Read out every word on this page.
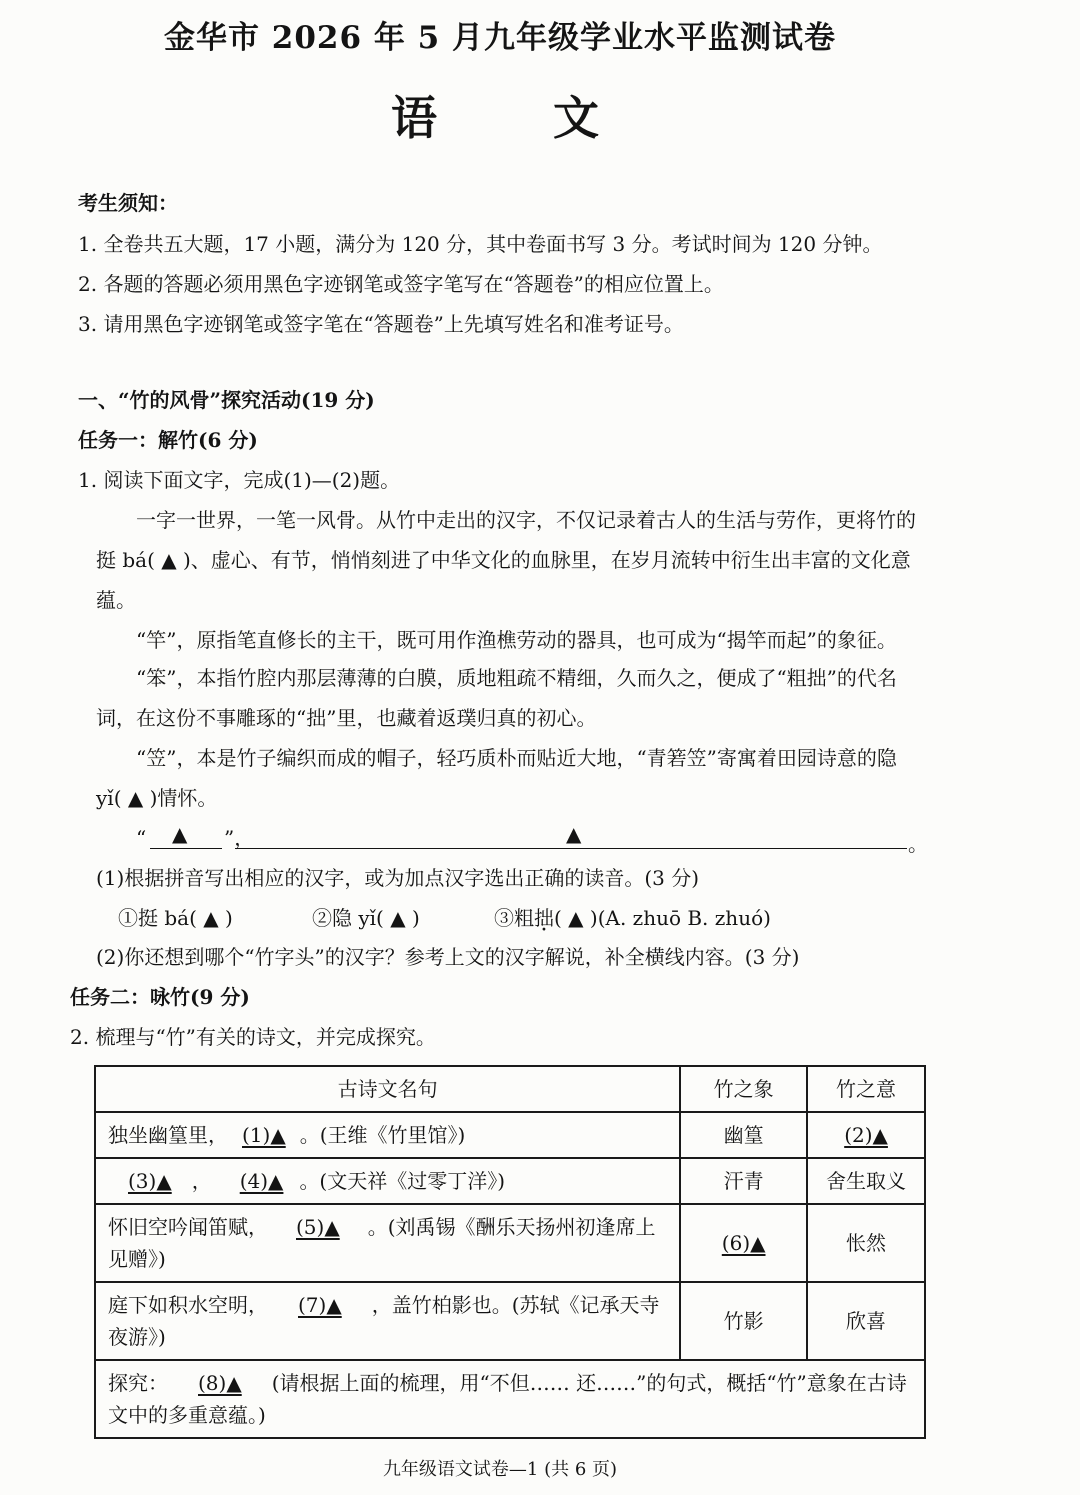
金华市 2026 年 5 月九年级学业水平监测试卷
语 文
考生须知：
1. 全卷共五大题，17 小题，满分为 120 分，其中卷面书写 3 分。考试时间为 120 分钟。
2. 各题的答题必须用黑色字迹钢笔或签字笔写在“答题卷”的相应位置上。
3. 请用黑色字迹钢笔或签字笔在“答题卷”上先填写姓名和准考证号。
一、“竹的风骨”探究活动(19 分)
任务一：解竹(6 分)
1. 阅读下面文字，完成(1)—(2)题。
一字一世界，一笔一风骨。从竹中走出的汉字，不仅记录着古人的生活与劳作，更将竹的
挺 bá( ▲ )、虚心、有节，悄悄刻进了中华文化的血脉里，在岁月流转中衍生出丰富的文化意
蕴。
“竿”，原指笔直修长的主干，既可用作渔樵劳动的器具，也可成为“揭竿而起”的象征。
“笨”，本指竹腔内那层薄薄的白膜，质地粗疏不精细，久而久之，便成了“粗拙”的代名
词，在这份不事雕琢的“拙”里，也藏着返璞归真的初心。
“笠”，本是竹子编织而成的帽子，轻巧质朴而贴近大地，“青箬笠”寄寓着田园诗意的隐
yǐ( ▲ )情怀。
“ ▲ ”，	▲	。
(1)根据拼音写出相应的汉字，或为加点汉字选出正确的读音。(3 分)
①挺 bá( ▲ )	②隐 yǐ( ▲ )	③粗拙( ▲ )(A. zhuō B. zhuó)
(2)你还想到哪个“竹字头”的汉字？参考上文的汉字解说，补全横线内容。(3 分)
任务二：咏竹(9 分)
2. 梳理与“竹”有关的诗文，并完成探究。
古诗文名句	竹之象	竹之意
独坐幽篁里， (1)▲ 。(王维《竹里馆》)	幽篁	(2)▲
(3)▲ ， (4)▲ 。(文天祥《过零丁洋》)	汗青	舍生取义
怀旧空吟闻笛赋， (5)▲ 。(刘禹锡《酬乐天扬州初逢席上见赠》)	(6)▲	怅然
庭下如积水空明， (7)▲ ，盖竹柏影也。(苏轼《记承天寺夜游》)	竹影	欣喜
探究： (8)▲ (请根据上面的梳理，用“不但…… 还……”的句式，概括“竹”意象在古诗文中的多重意蕴。)		
九年级语文试卷—1 (共 6 页)
